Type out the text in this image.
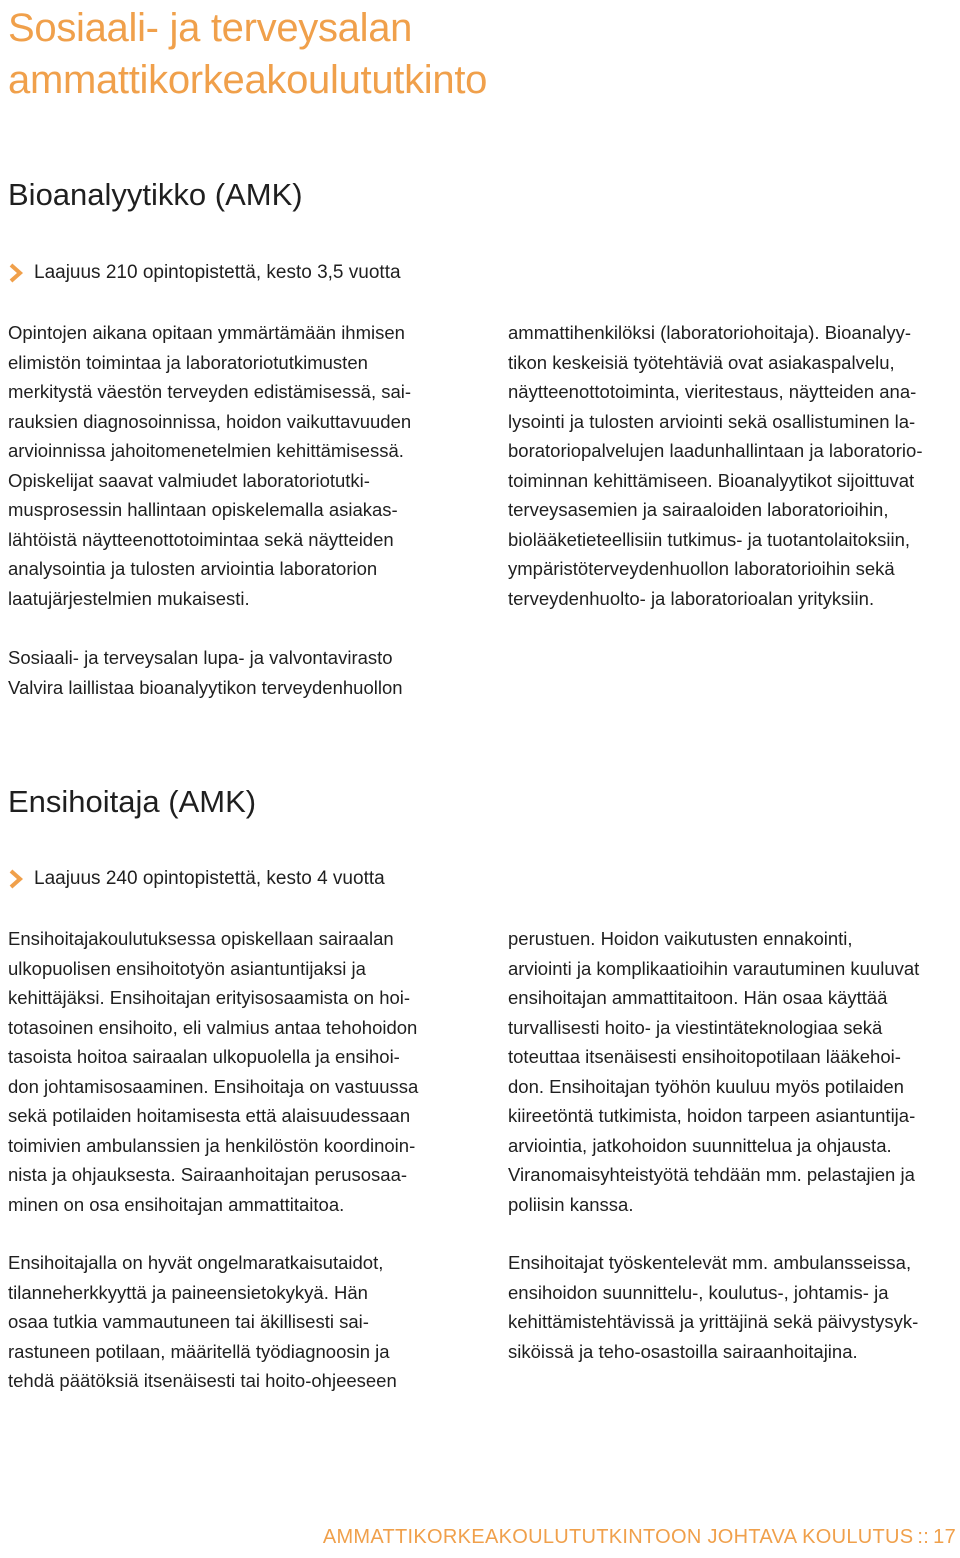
Sosiaali- ja terveysalan
ammattikorkeakoulututkinto
Bioanalyytikko (AMK)
Laajuus 210 opintopistettä, kesto 3,5 vuotta

Opintojen aikana opitaan ymmärtämään ihmisen
elimistön toimintaa ja laboratoriotutkimusten
merkitystä väestön terveyden edistämisessä, sai-
rauksien diagnosoinnissa, hoidon vaikuttavuuden
arvioinnissa jahoitomenetelmien kehittämisessä.
Opiskelijat saavat valmiudet laboratoriotutki-
musprosessin hallintaan opiskelemalla asiakas-
lähtöistä näytteenottotoimintaa sekä näytteiden
analysointia ja tulosten arviointia laboratorion
laatujärjestelmien mukaisesti.

Sosiaali- ja terveysalan lupa- ja valvontavirasto
Valvira laillistaa bioanalyytikon terveydenhuollon

ammattihenkilöksi (laboratoriohoitaja). Bioanalyy-
tikon keskeisiä työtehtäviä ovat asiakaspalvelu,
näytteenottotoiminta, vieritestaus, näytteiden ana-
lysointi ja tulosten arviointi sekä osallistuminen la-
boratoriopalvelujen laadunhallintaan ja laboratorio-
toiminnan kehittämiseen. Bioanalyytikot sijoittuvat
terveysasemien ja sairaaloiden laboratorioihin,
biolääketieteellisiin tutkimus- ja tuotantolaitoksiin,
ympäristöterveydenhuollon laboratorioihin sekä
terveydenhuolto- ja laboratorioalan yrityksiin.

Ensihoitaja (AMK)
Laajuus 240 opintopistettä, kesto 4 vuotta

Ensihoitajakoulutuksessa opiskellaan sairaalan
ulkopuolisen ensihoitotyön asiantuntijaksi ja
kehittäjäksi. Ensihoitajan erityisosaamista on hoi-
totasoinen ensihoito, eli valmius antaa tehohoidon
tasoista hoitoa sairaalan ulkopuolella ja ensihoi-
don johtamisosaaminen. Ensihoitaja on vastuussa
sekä potilaiden hoitamisesta että alaisuudessaan
toimivien ambulanssien ja henkilöstön koordinoin-
nista ja ohjauksesta. Sairaanhoitajan perusosaa-
minen on osa ensihoitajan ammattitaitoa.

Ensihoitajalla on hyvät ongelmaratkaisutaidot,
tilanneherkkyyttä ja paineensietokykyä. Hän
osaa tutkia vammautuneen tai äkillisesti sai-
rastuneen potilaan, määritellä työdiagnoosin ja
tehdä päätöksiä itsenäisesti tai hoito-ohjeeseen

perustuen. Hoidon vaikutusten ennakointi,
arviointi ja komplikaatioihin varautuminen kuuluvat
ensihoitajan ammattitaitoon. Hän osaa käyttää
turvallisesti hoito- ja viestintäteknologiaa sekä
toteuttaa itsenäisesti ensihoitopotilaan lääkehoi-
don. Ensihoitajan työhön kuuluu myös potilaiden
kiireetöntä tutkimista, hoidon tarpeen asiantuntija-
arviointia, jatkohoidon suunnittelua ja ohjausta.
Viranomaisyhteistyötä tehdään mm. pelastajien ja
poliisin kanssa.

Ensihoitajat työskentelevät mm. ambulansseissa,
ensihoidon suunnittelu-, koulutus-, johtamis- ja
kehittämistehtävissä ja yrittäjinä sekä päivystysyk-
siköissä ja teho-osastoilla sairaanhoitajina.

AMMATTIKORKEAKOULUTUTKINTOON JOHTAVA KOULUTUS :: 17
